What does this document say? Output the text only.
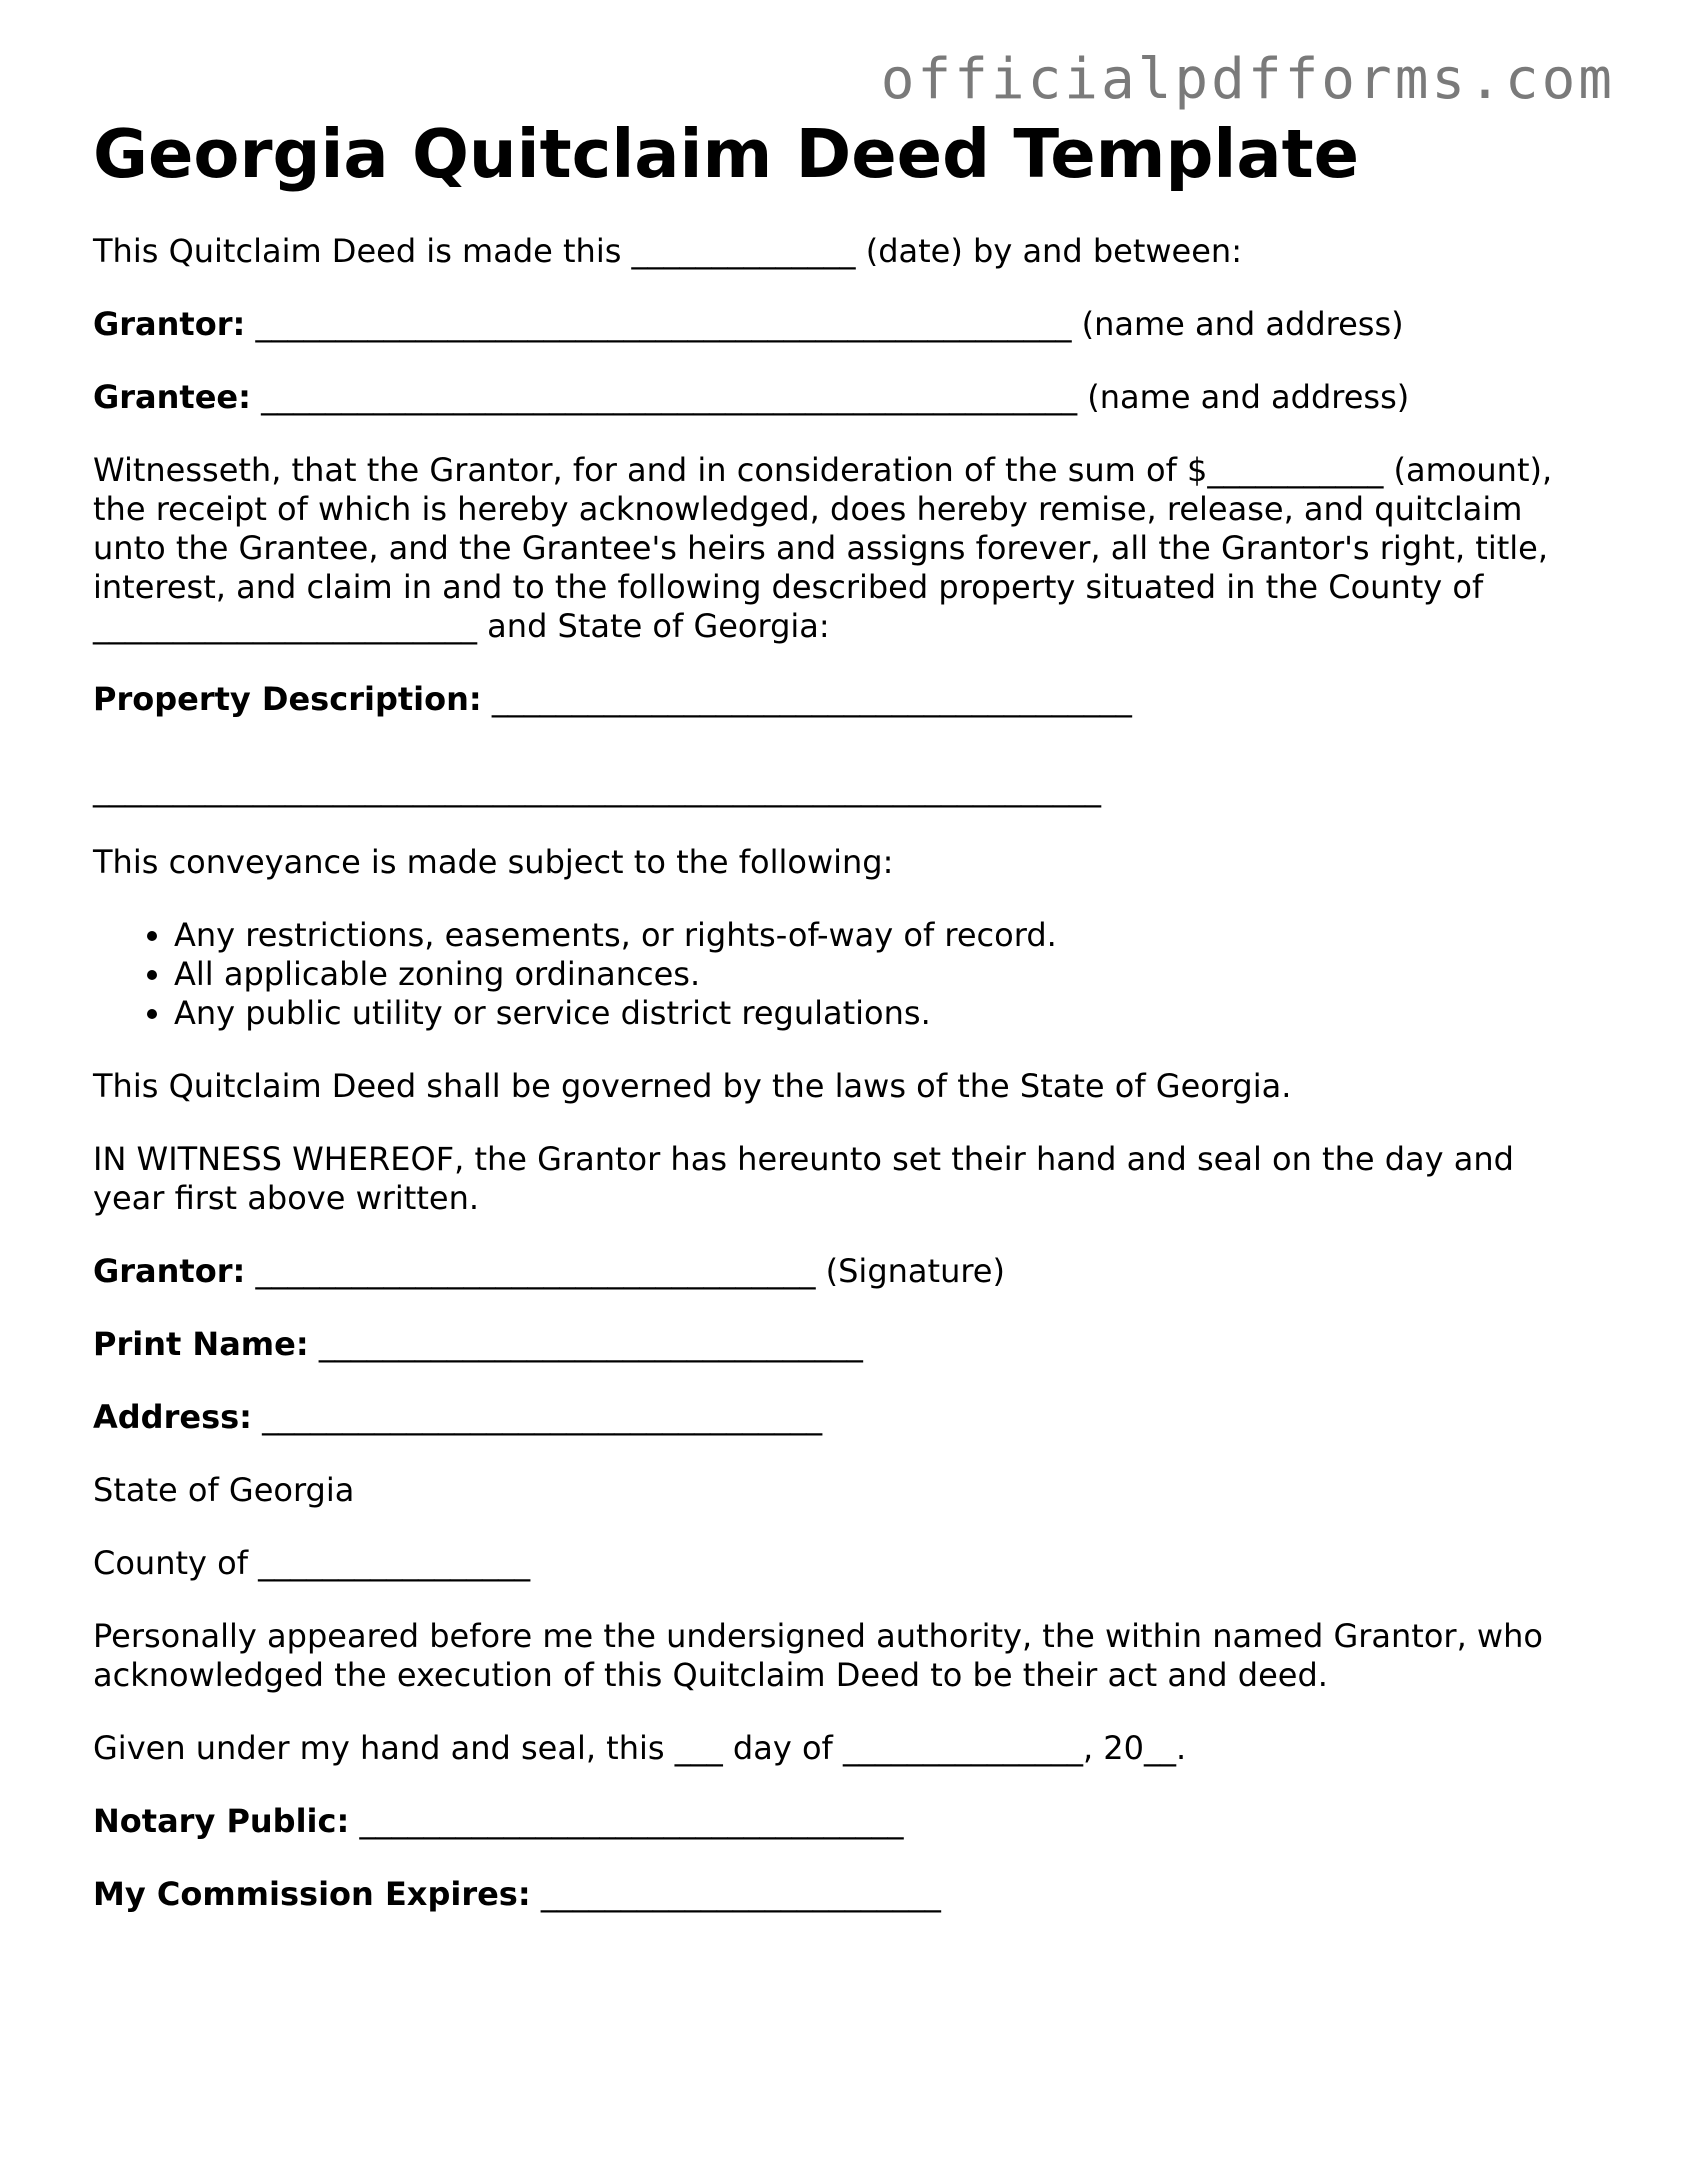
officialpdfforms.com
Georgia Quitclaim Deed Template

This Quitclaim Deed is made this ______________ (date) by and between:

Grantor: ___________________________________________________ (name and address)

Grantee: ___________________________________________________ (name and address)

Witnesseth, that the Grantor, for and in consideration of the sum of $___________ (amount), the receipt of which is hereby acknowledged, does hereby remise, release, and quitclaim unto the Grantee, and the Grantee's heirs and assigns forever, all the Grantor's right, title, interest, and claim in and to the following described property situated in the County of ________________________ and State of Georgia:

Property Description: ________________________________________

_______________________________________________________________

This conveyance is made subject to the following:

• Any restrictions, easements, or rights-of-way of record.
• All applicable zoning ordinances.
• Any public utility or service district regulations.

This Quitclaim Deed shall be governed by the laws of the State of Georgia.

IN WITNESS WHEREOF, the Grantor has hereunto set their hand and seal on the day and year first above written.

Grantor: ___________________________________ (Signature)

Print Name: __________________________________

Address: ___________________________________

State of Georgia

County of _________________

Personally appeared before me the undersigned authority, the within named Grantor, who acknowledged the execution of this Quitclaim Deed to be their act and deed.

Given under my hand and seal, this ___ day of _______________, 20__.

Notary Public: __________________________________

My Commission Expires: _________________________
